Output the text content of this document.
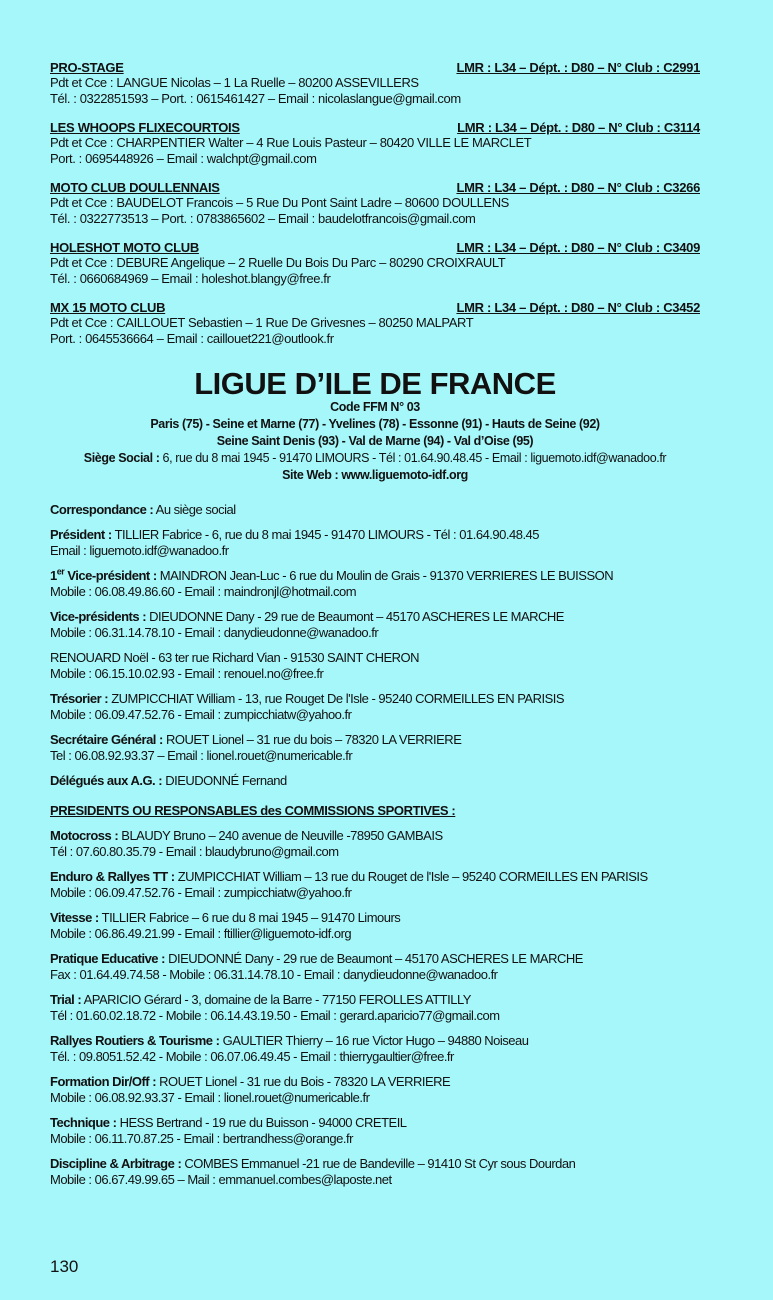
PRO-STAGE	LMR : L34 – Dépt. : D80 – N° Club : C2991
Pdt et Cce : LANGUE Nicolas – 1 La Ruelle – 80200 ASSEVILLERS
Tél. : 0322851593 – Port. : 0615461427 – Email : nicolaslangue@gmail.com
LES WHOOPS FLIXECOURTOIS	LMR : L34 – Dépt. : D80 – N° Club : C3114
Pdt et Cce : CHARPENTIER Walter – 4 Rue Louis Pasteur – 80420 VILLE LE MARCLET
Port. : 0695448926 – Email : walchpt@gmail.com
MOTO CLUB DOULLENNAIS	LMR : L34 – Dépt. : D80 – N° Club : C3266
Pdt et Cce : BAUDELOT Francois – 5 Rue Du Pont Saint Ladre – 80600 DOULLENS
Tél. : 0322773513 – Port. : 0783865602 – Email : baudelotfrancois@gmail.com
HOLESHOT MOTO CLUB	LMR : L34 – Dépt. : D80 – N° Club : C3409
Pdt et Cce : DEBURE Angelique – 2 Ruelle Du Bois Du Parc – 80290 CROIXRAULT
Tél. : 0660684969 – Email : holeshot.blangy@free.fr
MX 15 MOTO CLUB	LMR : L34 – Dépt. : D80 – N° Club : C3452
Pdt et Cce : CAILLOUET Sebastien – 1 Rue De Grivesnes – 80250 MALPART
Port. : 0645536664 – Email : caillouet221@outlook.fr
LIGUE D’ILE DE FRANCE
Code FFM N° 03
Paris (75) - Seine et Marne (77) - Yvelines (78) - Essonne (91) - Hauts de Seine (92)
Seine Saint Denis (93) - Val de Marne (94) - Val d’Oise (95)
Siège Social : 6, rue du 8 mai 1945 - 91470 LIMOURS - Tél : 01.64.90.48.45 - Email : liguemoto.idf@wanadoo.fr
Site Web : www.liguemoto-idf.org
Correspondance : Au siège social
Président : TILLIER Fabrice - 6, rue du 8 mai 1945 - 91470 LIMOURS - Tél : 01.64.90.48.45
Email : liguemoto.idf@wanadoo.fr
1er Vice-président : MAINDRON Jean-Luc - 6 rue du Moulin de Grais - 91370 VERRIERES LE BUISSON
Mobile : 06.08.49.86.60 - Email : maindronjl@hotmail.com
Vice-présidents : DIEUDONNE Dany - 29 rue de Beaumont – 45170 ASCHERES LE MARCHE
Mobile : 06.31.14.78.10 - Email : danydieudonne@wanadoo.fr
RENOUARD Noël - 63 ter rue Richard Vian - 91530 SAINT CHERON
Mobile : 06.15.10.02.93 - Email : renouel.no@free.fr
Trésorier : ZUMPICCHIAT William - 13, rue Rouget De l'Isle - 95240 CORMEILLES EN PARISIS
Mobile : 06.09.47.52.76 - Email : zumpicchiatw@yahoo.fr
Secrétaire Général : ROUET Lionel – 31 rue du bois – 78320 LA VERRIERE
Tel : 06.08.92.93.37 – Email : lionel.rouet@numericable.fr
Délégués aux A.G. : DIEUDONNÉ Fernand
PRESIDENTS OU RESPONSABLES des COMMISSIONS SPORTIVES :
Motocross : BLAUDY Bruno – 240 avenue de Neuville -78950 GAMBAIS
Tél : 07.60.80.35.79 - Email : blaudybruno@gmail.com
Enduro & Rallyes TT : ZUMPICCHIAT William – 13 rue du Rouget de l'Isle – 95240 CORMEILLES EN PARISIS
Mobile : 06.09.47.52.76 - Email : zumpicchiatw@yahoo.fr
Vitesse : TILLIER Fabrice – 6 rue du 8 mai 1945 – 91470 Limours
Mobile : 06.86.49.21.99 - Email : ftillier@liguemoto-idf.org
Pratique Educative : DIEUDONNÉ Dany - 29 rue de Beaumont – 45170 ASCHERES LE MARCHE
Fax : 01.64.49.74.58 - Mobile : 06.31.14.78.10 - Email : danydieudonne@wanadoo.fr
Trial : APARICIO Gérard - 3, domaine de la Barre - 77150 FEROLLES ATTILLY
Tél : 01.60.02.18.72 - Mobile : 06.14.43.19.50 - Email : gerard.aparicio77@gmail.com
Rallyes Routiers & Tourisme : GAULTIER Thierry – 16 rue Victor Hugo – 94880 Noiseau
Tél. : 09.8051.52.42 - Mobile : 06.07.06.49.45 - Email : thierrygaultier@free.fr
Formation Dir/Off : ROUET Lionel - 31 rue du Bois - 78320 LA VERRIERE
Mobile : 06.08.92.93.37 - Email : lionel.rouet@numericable.fr
Technique : HESS Bertrand - 19 rue du Buisson - 94000 CRETEIL
Mobile : 06.11.70.87.25 - Email : bertrandhess@orange.fr
Discipline & Arbitrage : COMBES Emmanuel -21 rue de Bandeville – 91410 St Cyr sous Dourdan
Mobile : 06.67.49.99.65 – Mail : emmanuel.combes@laposte.net
130
